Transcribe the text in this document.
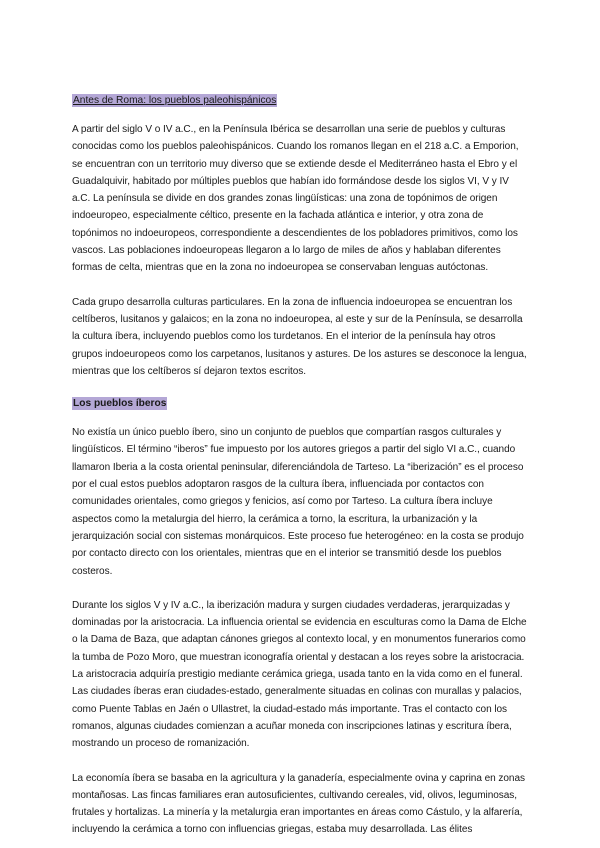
Antes de Roma: los pueblos paleohispánicos

A partir del siglo V o IV a.C., en la Península Ibérica se desarrollan una serie de pueblos y culturas conocidas como los pueblos paleohispánicos. Cuando los romanos llegan en el 218 a.C. a Emporion, se encuentran con un territorio muy diverso que se extiende desde el Mediterráneo hasta el Ebro y el Guadalquivir, habitado por múltiples pueblos que habían ido formándose desde los siglos VI, V y IV a.C. La península se divide en dos grandes zonas lingüísticas: una zona de topónimos de origen indoeuropeo, especialmente céltico, presente en la fachada atlántica e interior, y otra zona de topónimos no indoeuropeos, correspondiente a descendientes de los pobladores primitivos, como los vascos. Las poblaciones indoeuropeas llegaron a lo largo de miles de años y hablaban diferentes formas de celta, mientras que en la zona no indoeuropea se conservaban lenguas autóctonas.

Cada grupo desarrolla culturas particulares. En la zona de influencia indoeuropea se encuentran los celtíberos, lusitanos y galaicos; en la zona no indoeuropea, al este y sur de la Península, se desarrolla la cultura íbera, incluyendo pueblos como los turdetanos. En el interior de la península hay otros grupos indoeuropeos como los carpetanos, lusitanos y astures. De los astures se desconoce la lengua, mientras que los celtíberos sí dejaron textos escritos.

Los pueblos íberos

No existía un único pueblo íbero, sino un conjunto de pueblos que compartían rasgos culturales y lingüísticos. El término “iberos” fue impuesto por los autores griegos a partir del siglo VI a.C., cuando llamaron Iberia a la costa oriental peninsular, diferenciándola de Tarteso. La “iberización” es el proceso por el cual estos pueblos adoptaron rasgos de la cultura íbera, influenciada por contactos con comunidades orientales, como griegos y fenicios, así como por Tarteso. La cultura íbera incluye aspectos como la metalurgia del hierro, la cerámica a torno, la escritura, la urbanización y la jerarquización social con sistemas monárquicos. Este proceso fue heterogéneo: en la costa se produjo por contacto directo con los orientales, mientras que en el interior se transmitió desde los pueblos costeros.

Durante los siglos V y IV a.C., la iberización madura y surgen ciudades verdaderas, jerarquizadas y dominadas por la aristocracia. La influencia oriental se evidencia en esculturas como la Dama de Elche o la Dama de Baza, que adaptan cánones griegos al contexto local, y en monumentos funerarios como la tumba de Pozo Moro, que muestran iconografía oriental y destacan a los reyes sobre la aristocracia. La aristocracia adquiría prestigio mediante cerámica griega, usada tanto en la vida como en el funeral. Las ciudades íberas eran ciudades-estado, generalmente situadas en colinas con murallas y palacios, como Puente Tablas en Jaén o Ullastret, la ciudad-estado más importante. Tras el contacto con los romanos, algunas ciudades comienzan a acuñar moneda con inscripciones latinas y escritura íbera, mostrando un proceso de romanización.

La economía íbera se basaba en la agricultura y la ganadería, especialmente ovina y caprina en zonas montañosas. Las fincas familiares eran autosuficientes, cultivando cereales, vid, olivos, leguminosas, frutales y hortalizas. La minería y la metalurgia eran importantes en áreas como Cástulo, y la alfarería, incluyendo la cerámica a torno con influencias griegas, estaba muy desarrollada. Las élites
